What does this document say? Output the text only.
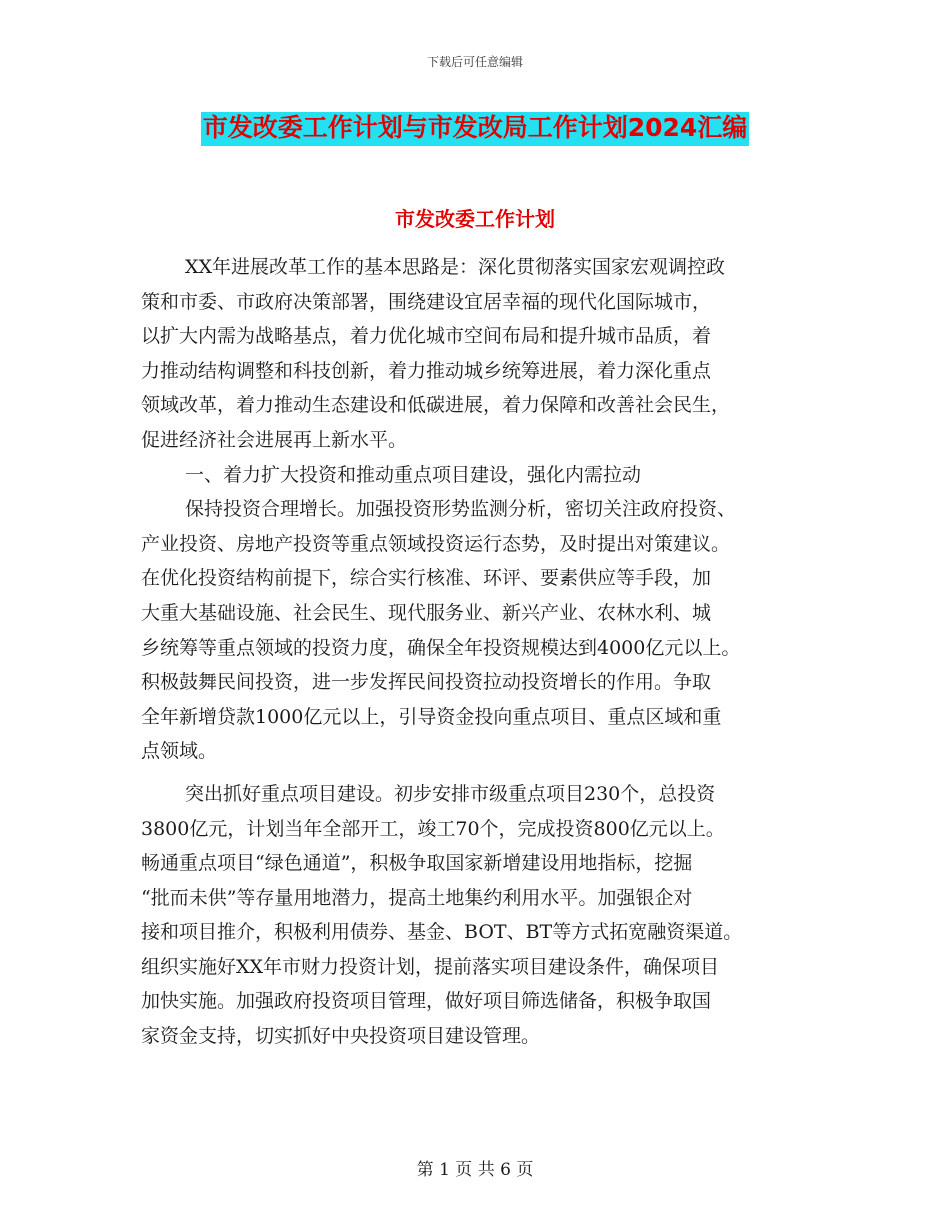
下载后可任意编辑
市发改委工作计划与市发改局工作计划2024汇编
市发改委工作计划
XX年进展改革工作的基本思路是：深化贯彻落实国家宏观调控政
策和市委、市政府决策部署，围绕建设宜居幸福的现代化国际城市，
以扩大内需为战略基点，着力优化城市空间布局和提升城市品质，着
力推动结构调整和科技创新，着力推动城乡统筹进展，着力深化重点
领域改革，着力推动生态建设和低碳进展，着力保障和改善社会民生，
促进经济社会进展再上新水平。
一、着力扩大投资和推动重点项目建设，强化内需拉动
保持投资合理增长。加强投资形势监测分析，密切关注政府投资、
产业投资、房地产投资等重点领域投资运行态势，及时提出对策建议。
在优化投资结构前提下，综合实行核准、环评、要素供应等手段，加
大重大基础设施、社会民生、现代服务业、新兴产业、农林水利、城
乡统筹等重点领域的投资力度，确保全年投资规模达到4000亿元以上。
积极鼓舞民间投资，进一步发挥民间投资拉动投资增长的作用。争取
全年新增贷款1000亿元以上，引导资金投向重点项目、重点区域和重
点领域。
突出抓好重点项目建设。初步安排市级重点项目230个，总投资
3800亿元，计划当年全部开工，竣工70个，完成投资800亿元以上。
畅通重点项目“绿色通道”，积极争取国家新增建设用地指标，挖掘
“批而未供”等存量用地潜力，提高土地集约利用水平。加强银企对
接和项目推介，积极利用债券、基金、BOT、BT等方式拓宽融资渠道。
组织实施好XX年市财力投资计划，提前落实项目建设条件，确保项目
加快实施。加强政府投资项目管理，做好项目筛选储备，积极争取国
家资金支持，切实抓好中央投资项目建设管理。
第 1 页 共 6 页
